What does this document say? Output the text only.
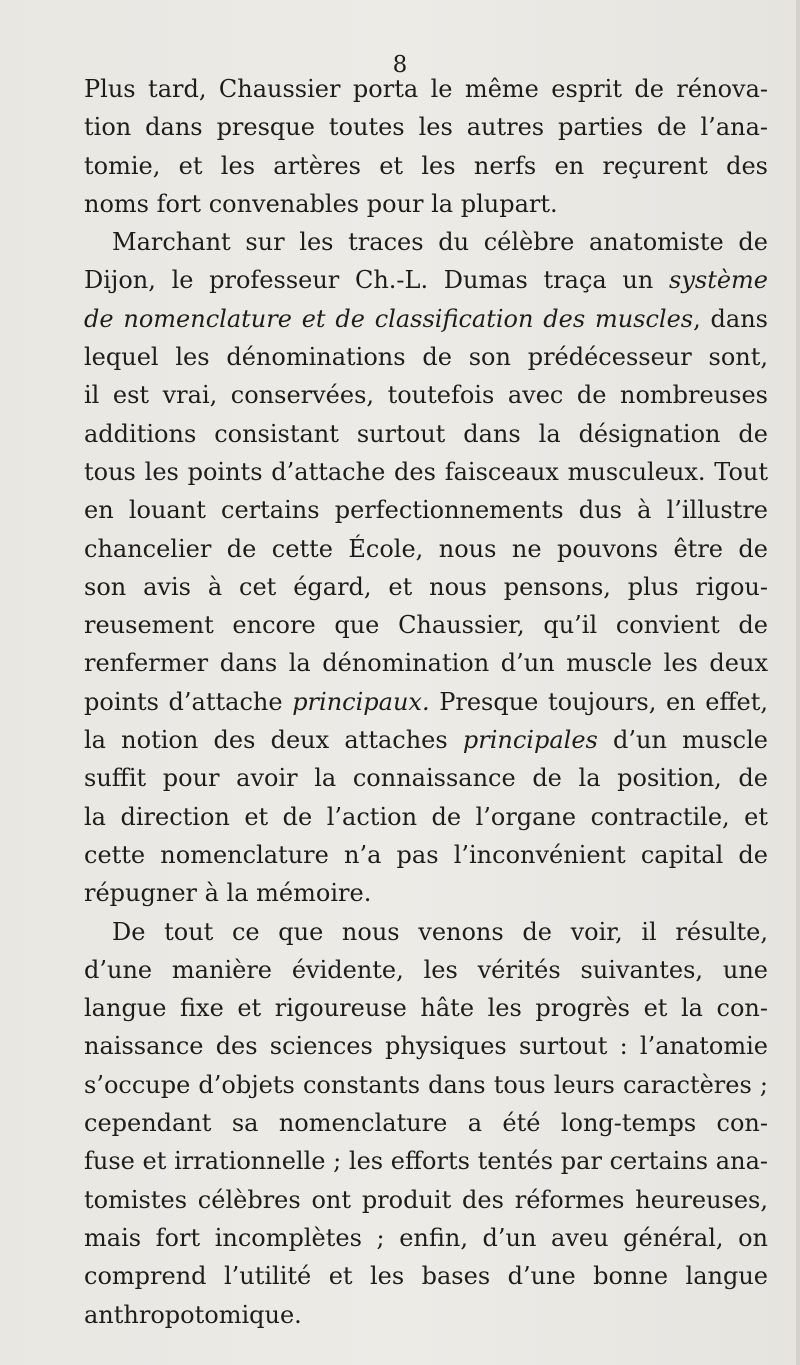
8
Plus tard, Chaussier porta le même esprit de rénova-
tion dans presque toutes les autres parties de l’ana-
tomie, et les artères et les nerfs en reçurent des
noms fort convenables pour la plupart.
Marchant sur les traces du célèbre anatomiste de
Dijon, le professeur Ch.-L. Dumas traça un système
de nomenclature et de classification des muscles, dans
lequel les dénominations de son prédécesseur sont,
il est vrai, conservées, toutefois avec de nombreuses
additions consistant surtout dans la désignation de
tous les points d’attache des faisceaux musculeux. Tout
en louant certains perfectionnements dus à l’illustre
chancelier de cette École, nous ne pouvons être de
son avis à cet égard, et nous pensons, plus rigou-
reusement encore que Chaussier, qu’il convient de
renfermer dans la dénomination d’un muscle les deux
points d’attache principaux. Presque toujours, en effet,
la notion des deux attaches principales d’un muscle
suffit pour avoir la connaissance de la position, de
la direction et de l’action de l’organe contractile, et
cette nomenclature n’a pas l’inconvénient capital de
répugner à la mémoire.
De tout ce que nous venons de voir, il résulte,
d’une manière évidente, les vérités suivantes, une
langue fixe et rigoureuse hâte les progrès et la con-
naissance des sciences physiques surtout : l’anatomie
s’occupe d’objets constants dans tous leurs caractères ;
cependant sa nomenclature a été long-temps con-
fuse et irrationnelle ; les efforts tentés par certains ana-
tomistes célèbres ont produit des réformes heureuses,
mais fort incomplètes ; enfin, d’un aveu général, on
comprend l’utilité et les bases d’une bonne langue
anthropotomique.
